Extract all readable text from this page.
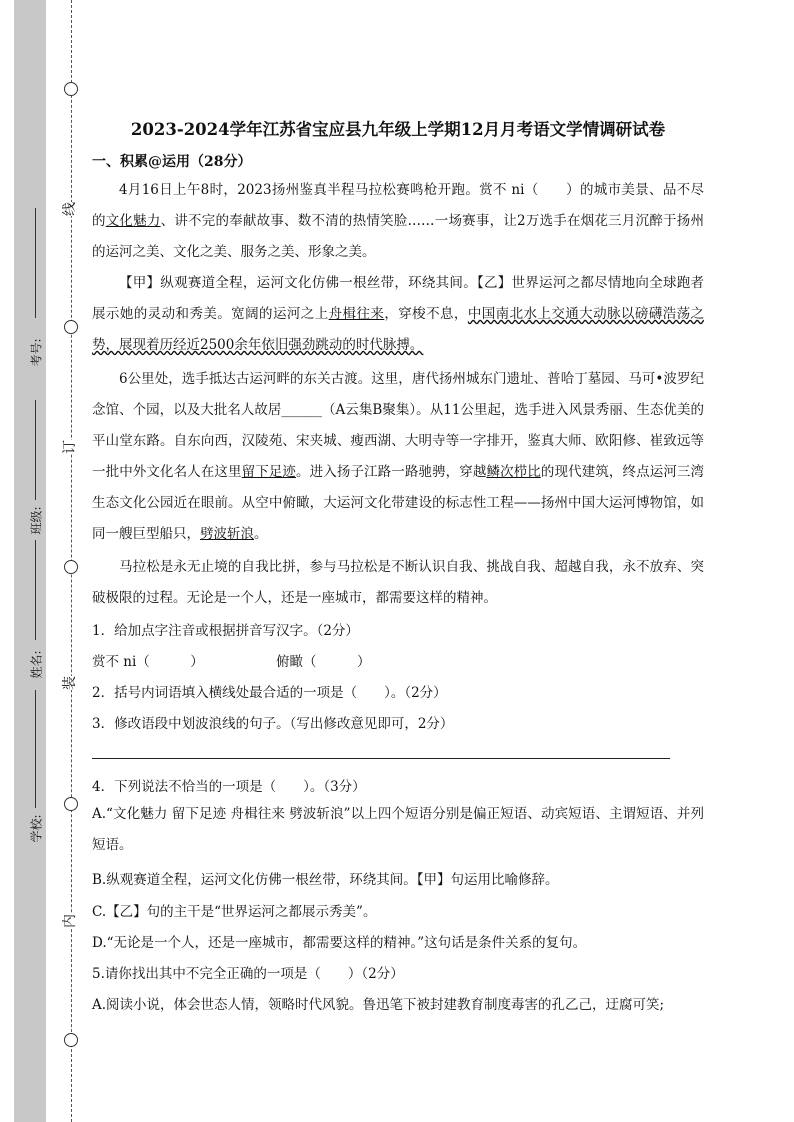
线
订
装
内
考号:
班级:
姓名:
学校:
2023-2024学年江苏省宝应县九年级上学期12月月考语文学情调研试卷
一、积累@运用（28分）
4月16日上午8时，2023扬州鉴真半程马拉松赛鸣枪开跑。赏不 ni（　　）的城市美景、品不尽的文化魅力、讲不完的奉献故事、数不清的热情笑脸……一场赛事，让2万选手在烟花三月沉醉于扬州的运河之美、文化之美、服务之美、形象之美。
【甲】纵观赛道全程，运河文化仿佛一根丝带，环绕其间。【乙】世界运河之都尽情地向全球跑者展示她的灵动和秀美。宽阔的运河之上舟楫往来，穿梭不息，中国南北水上交通大动脉以磅礴浩荡之势，展现着历经近2500余年依旧强劲跳动的时代脉搏。
6公里处，选手抵达古运河畔的东关古渡。这里，唐代扬州城东门遗址、普哈丁墓园、马可•波罗纪念馆、个园，以及大批名人故居______（A云集B聚集）。从11公里起，选手进入风景秀丽、生态优美的平山堂东路。自东向西，汉陵苑、宋夹城、瘦西湖、大明寺等一字排开，鉴真大师、欧阳修、崔致远等一批中外文化名人在这里留下足迹。进入扬子江路一路驰骋，穿越鳞次栉比的现代建筑，终点运河三湾生态文化公园近在眼前。从空中俯瞰，大运河文化带建设的标志性工程——扬州中国大运河博物馆，如同一艘巨型船只，劈波斩浪。
马拉松是永无止境的自我比拼，参与马拉松是不断认识自我、挑战自我、超越自我，永不放弃、突破极限的过程。无论是一个人，还是一座城市，都需要这样的精神。
1．给加点字注音或根据拼音写汉字。（2分）
赏不 ni（　　　）	俯瞰（　　　）
2．括号内词语填入横线处最合适的一项是（　　）。（2分）
3．修改语段中划波浪线的句子。（写出修改意见即可，2分）
4．下列说法不恰当的一项是（　　）。（3分）
A.“文化魅力 留下足迹 舟楫往来 劈波斩浪”以上四个短语分别是偏正短语、动宾短语、主谓短语、并列短语。
B.纵观赛道全程，运河文化仿佛一根丝带，环绕其间。【甲】句运用比喻修辞。
C.【乙】句的主干是“世界运河之都展示秀美”。
D.“无论是一个人，还是一座城市，都需要这样的精神。”这句话是条件关系的复句。
5.请你找出其中不完全正确的一项是（　　）（2分）
A.阅读小说，体会世态人情，领略时代风貌。鲁迅笔下被封建教育制度毒害的孔乙己，迂腐可笑;
